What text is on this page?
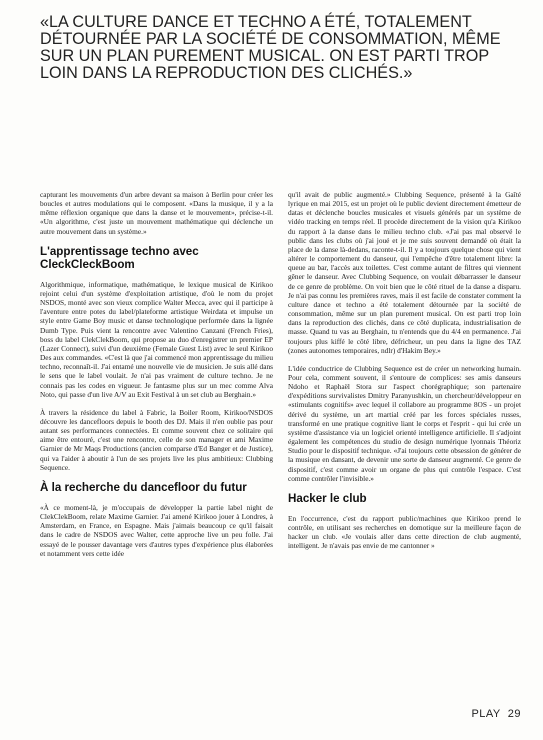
«LA CULTURE DANCE ET TECHNO A ÉTÉ, TOTALEMENT DÉTOURNÉE PAR LA SOCIÉTÉ DE CONSOMMATION, MÊME SUR UN PLAN PUREMENT MUSICAL. ON EST PARTI TROP LOIN DANS LA REPRODUCTION DES CLICHÉS.»

capturant les mouvements d'un arbre devant sa maison à Berlin pour créer les boucles et autres modulations qui le composent. «Dans la musique, il y a la même réflexion organique que dans la danse et le mouvement», précise-t-il. «Un algorithme, c'est juste un mouvement mathématique qui déclenche un autre mouvement dans un système.»

L'apprentissage techno avec CleckCleckBoom

Algorithmique, informatique, mathématique, le lexique musical de Kirikoo rejoint celui d'un système d'exploitation artistique, d'où le nom du projet NSDOS, monté avec son vieux complice Walter Mecca, avec qui il participe à l'aventure entre potes du label/plateforme artistique Weirdata et impulse un style entre Game Boy music et danse technologique performée dans la lignée Dumb Type. Puis vient la rencontre avec Valentino Canzani (French Fries), boss du label ClekClekBoom, qui propose au duo d'enregistrer un premier EP (Lazer Connect), suivi d'un deuxième (Female Guest List) avec le seul Kirikoo Des aux commandes. «C'est là que j'ai commencé mon apprentissage du milieu techno, reconnaît-il. J'ai entamé une nouvelle vie de musicien. Je suis allé dans le sens que le label voulait. Je n'ai pas vraiment de culture techno. Je ne connais pas les codes en vigueur. Je fantasme plus sur un mec comme Alva Noto, qui passe d'un live A/V au Exit Festival à un set club au Berghain.»

À travers la résidence du label à Fabric, la Boiler Room, Kirikoo/NSDOS découvre les dancefloors depuis le booth des DJ. Mais il n'en oublie pas pour autant ses performances connectées. Et comme souvent chez ce solitaire qui aime être entouré, c'est une rencontre, celle de son manager et ami Maxime Garnier de Mr Maqs Productions (ancien comparse d'Ed Banger et de Justice), qui va l'aider à aboutir à l'un de ses projets live les plus ambitieux: Clubbing Sequence.

À la recherche du dancefloor du futur

«À ce moment-là, je m'occupais de développer la partie label night de ClekClekBoom, relate Maxime Garnier. J'ai amené Kirikoo jouer à Londres, à Amsterdam, en France, en Espagne. Mais j'aimais beaucoup ce qu'il faisait dans le cadre de NSDOS avec Walter, cette approche live un peu folle. J'ai essayé de le pousser davantage vers d'autres types d'expérience plus élaborées et notamment vers cette idée

qu'il avait de public augmenté.» Clubbing Sequence, présenté à la Gaîté lyrique en mai 2015, est un projet où le public devient directement émetteur de datas et déclenche boucles musicales et visuels générés par un système de vidéo tracking en temps réel. Il procède directement de la vision qu'a Kirikoo du rapport à la danse dans le milieu techno club. «J'ai pas mal observé le public dans les clubs où j'ai joué et je me suis souvent demandé où était la place de la danse là-dedans, raconte-t-il. Il y a toujours quelque chose qui vient altérer le comportement du danseur, qui l'empêche d'être totalement libre: la queue au bar, l'accès aux toilettes. C'est comme autant de filtres qui viennent gêner le danseur. Avec Clubbing Sequence, on voulait débarrasser le danseur de ce genre de problème. On voit bien que le côté rituel de la danse a disparu. Je n'ai pas connu les premières raves, mais il est facile de constater comment la culture dance et techno a été totalement détournée par la société de consommation, même sur un plan purement musical. On est parti trop loin dans la reproduction des clichés, dans ce côté duplicata, industrialisation de masse. Quand tu vas au Berghain, tu n'entends que du 4/4 en permanence. J'ai toujours plus kiffé le côté libre, défricheur, un peu dans la ligne des TAZ (zones autonomes temporaires, ndlr) d'Hakim Bey.»

L'idée conductrice de Clubbing Sequence est de créer un networking humain. Pour cela, comment souvent, il s'entoure de complices: ses amis danseurs Ndoho et Raphaël Stora sur l'aspect chorégraphique; son partenaire d'expéditions survivalistes Dmitry Paranyushkin, un chercheur/développeur en «stimulants cognitifs» avec lequel il collabore au programme 8OS - un projet dérivé du système, un art martial créé par les forces spéciales russes, transformé en une pratique cognitive liant le corps et l'esprit - qui lui crée un système d'assistance via un logiciel orienté intelligence artificielle. Il s'adjoint également les compétences du studio de design numérique lyonnais Théoriz Studio pour le dispositif technique. «J'ai toujours cette obsession de générer de la musique en dansant, de devenir une sorte de danseur augmenté. Ce genre de dispositif, c'est comme avoir un organe de plus qui contrôle l'espace. C'est comme contrôler l'invisible.»

Hacker le club

En l'occurrence, c'est du rapport public/machines que Kirikoo prend le contrôle, en utilisant ses recherches en domotique sur la meilleure façon de hacker un club. «Je voulais aller dans cette direction de club augmenté, intelligent. Je n'avais pas envie de me cantonner »

PLAY 29
